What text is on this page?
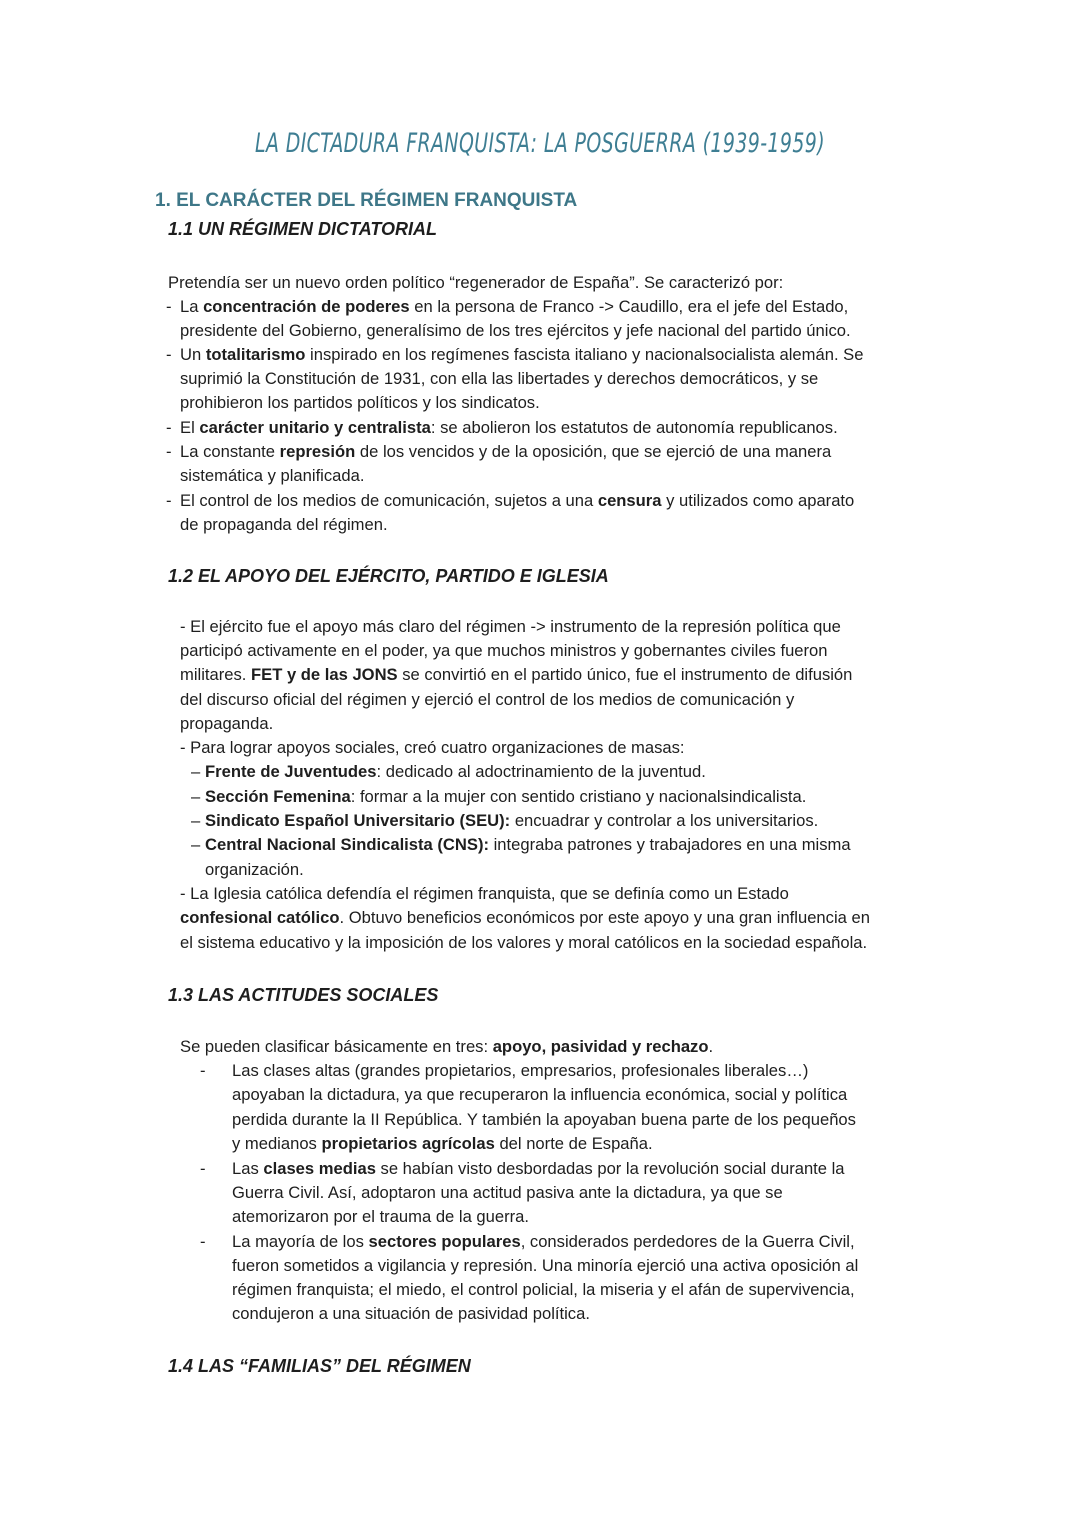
LA DICTADURA FRANQUISTA: LA POSGUERRA (1939-1959)
1. EL CARÁCTER DEL RÉGIMEN FRANQUISTA
1.1 UN RÉGIMEN DICTATORIAL
Pretendía ser un nuevo orden político “regenerador de España”. Se caracterizó por:
- La concentración de poderes en la persona de Franco -> Caudillo, era el jefe del Estado,
presidente del Gobierno, generalísimo de los tres ejércitos y jefe nacional del partido único.
- Un totalitarismo inspirado en los regímenes fascista italiano y nacionalsocialista alemán. Se
suprimió la Constitución de 1931, con ella las libertades y derechos democráticos, y se
prohibieron los partidos políticos y los sindicatos.
- El carácter unitario y centralista: se abolieron los estatutos de autonomía republicanos.
- La constante represión de los vencidos y de la oposición, que se ejerció de una manera
sistemática y planificada.
- El control de los medios de comunicación, sujetos a una censura y utilizados como aparato
de propaganda del régimen.
1.2 EL APOYO DEL EJÉRCITO, PARTIDO E IGLESIA
- El ejército fue el apoyo más claro del régimen -> instrumento de la represión política que
participó activamente en el poder, ya que muchos ministros y gobernantes civiles fueron
militares. FET y de las JONS se convirtió en el partido único, fue el instrumento de difusión
del discurso oficial del régimen y ejerció el control de los medios de comunicación y
propaganda.
- Para lograr apoyos sociales, creó cuatro organizaciones de masas:
– Frente de Juventudes: dedicado al adoctrinamiento de la juventud.
– Sección Femenina: formar a la mujer con sentido cristiano y nacionalsindicalista.
– Sindicato Español Universitario (SEU): encuadrar y controlar a los universitarios.
– Central Nacional Sindicalista (CNS): integraba patrones y trabajadores en una misma
organización.
- La Iglesia católica defendía el régimen franquista, que se definía como un Estado
confesional católico. Obtuvo beneficios económicos por este apoyo y una gran influencia en
el sistema educativo y la imposición de los valores y moral católicos en la sociedad española.
1.3 LAS ACTITUDES SOCIALES
Se pueden clasificar básicamente en tres: apoyo, pasividad y rechazo.
- Las clases altas (grandes propietarios, empresarios, profesionales liberales…)
apoyaban la dictadura, ya que recuperaron la influencia económica, social y política
perdida durante la II República. Y también la apoyaban buena parte de los pequeños
y medianos propietarios agrícolas del norte de España.
- Las clases medias se habían visto desbordadas por la revolución social durante la
Guerra Civil. Así, adoptaron una actitud pasiva ante la dictadura, ya que se
atemorizaron por el trauma de la guerra.
- La mayoría de los sectores populares, considerados perdedores de la Guerra Civil,
fueron sometidos a vigilancia y represión. Una minoría ejerció una activa oposición al
régimen franquista; el miedo, el control policial, la miseria y el afán de supervivencia,
condujeron a una situación de pasividad política.
1.4 LAS “FAMILIAS” DEL RÉGIMEN
